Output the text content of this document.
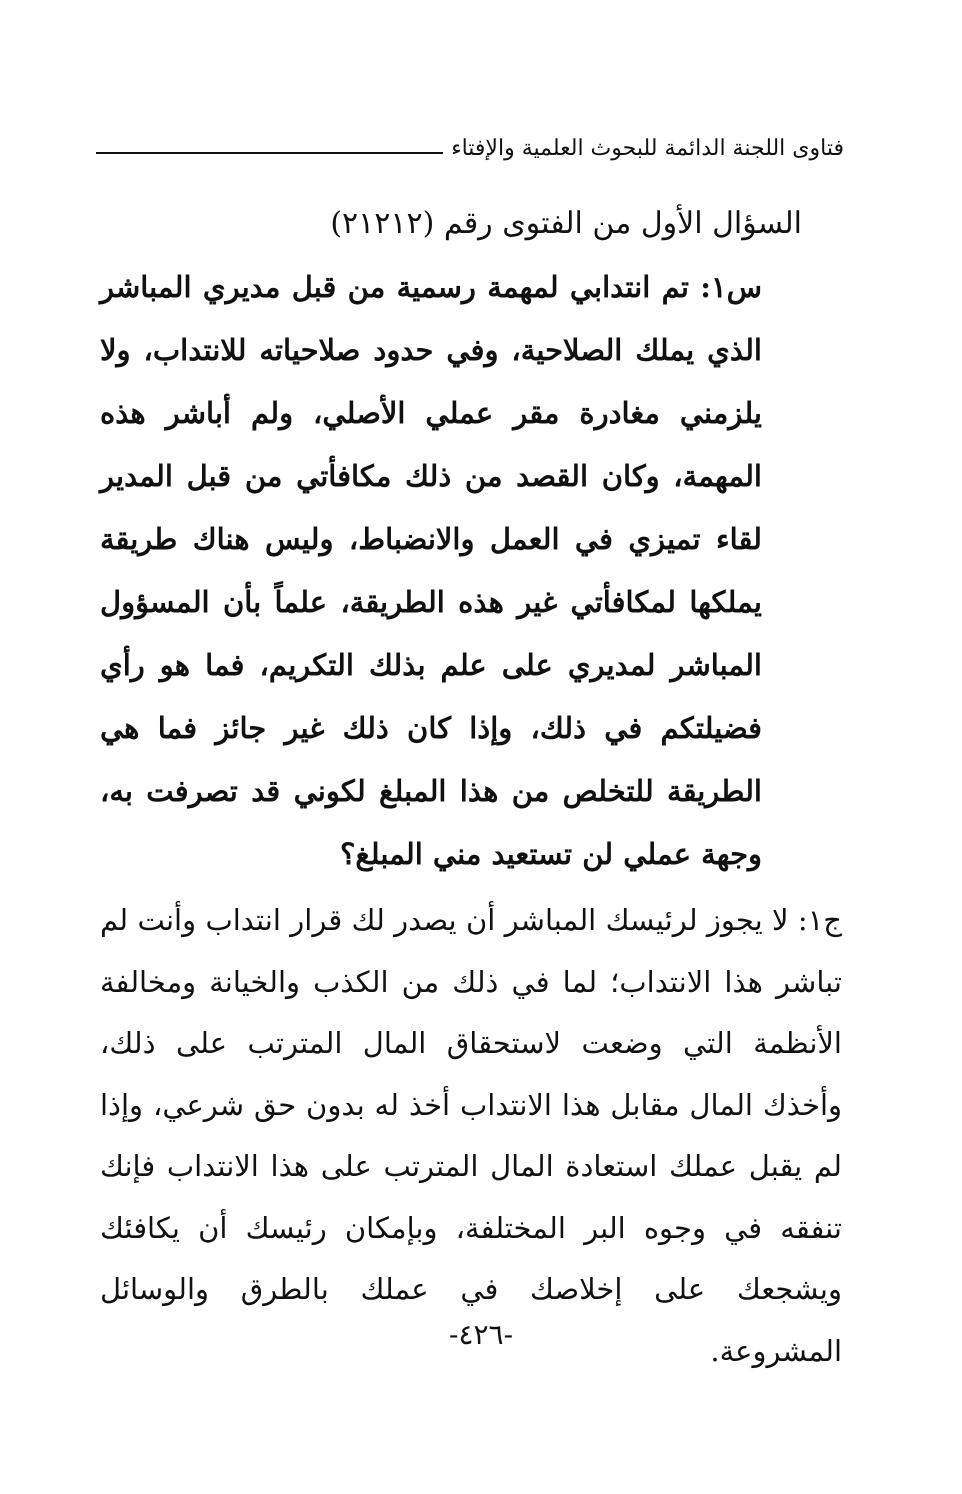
فتاوى اللجنة الدائمة للبحوث العلمية والإفتاء

السؤال الأول من الفتوى رقم (٢١٢١٢)

س١: تم انتدابي لمهمة رسمية من قبل مديري المباشر الذي يملك الصلاحية، وفي حدود صلاحياته للانتداب، ولا يلزمني مغادرة مقر عملي الأصلي، ولم أباشر هذه المهمة، وكان القصد من ذلك مكافأتي من قبل المدير لقاء تميزي في العمل والانضباط، وليس هناك طريقة يملكها لمكافأتي غير هذه الطريقة، علماً بأن المسؤول المباشر لمديري على علم بذلك التكريم، فما هو رأي فضيلتكم في ذلك، وإذا كان ذلك غير جائز فما هي الطريقة للتخلص من هذا المبلغ لكوني قد تصرفت به، وجهة عملي لن تستعيد مني المبلغ؟

ج١: لا يجوز لرئيسك المباشر أن يصدر لك قرار انتداب وأنت لم تباشر هذا الانتداب؛ لما في ذلك من الكذب والخيانة ومخالفة الأنظمة التي وضعت لاستحقاق المال المترتب على ذلك، وأخذك المال مقابل هذا الانتداب أخذ له بدون حق شرعي، وإذا لم يقبل عملك استعادة المال المترتب على هذا الانتداب فإنك تنفقه في وجوه البر المختلفة، وبإمكان رئيسك أن يكافئك ويشجعك على إخلاصك في عملك بالطرق والوسائل المشروعة.

-٤٢٦-
